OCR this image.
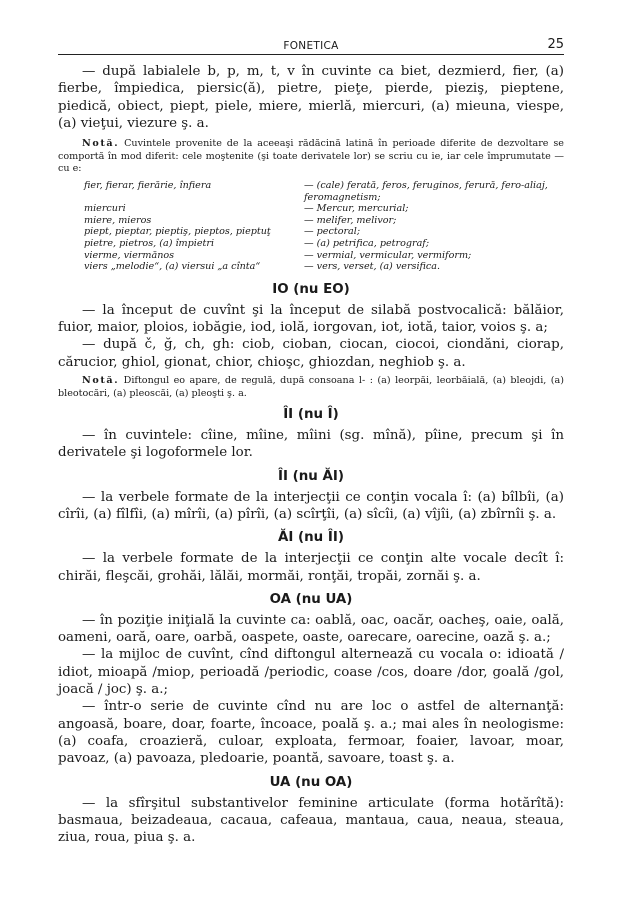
FONETICA	25

— după labialele b, p, m, t, v în cuvinte ca biet, dezmierd, fier, (a) fierbe, împiedica, piersic(ă), pietre, pieţe, pierde, pieziş, pieptene, piedică, obiect, piept, piele, miere, mierlă, miercuri, (a) mieuna, viespe, (a) vieţui, viezure ş. a.

Notă. Cuvintele provenite de la aceeaşi rădăcină latină în perioade diferite de dezvoltare se comportă în mod diferit: cele moştenite (şi toate derivatele lor) se scriu cu ie, iar cele împrumutate — cu e:

fier, fierar, fierărie, înfiera	— (cale) ferată, feros, feruginos, ferură, fero-aliaj, feromagnetism;
miercuri	— Mercur, mercurial;
miere, mieros	— melifer, melivor;
piept, pieptar, pieptiş, pieptos, pieptuţ	— pectoral;
pietre, pietros, (a) împietri	— (a) petrifica, petrograf;
vierme, viermănos	— vermial, vermicular, vermiform;
viers „melodie“, (a) viersui „a cînta“	— vers, verset, (a) versifica.
IO (nu EO)

— la început de cuvînt şi la început de silabă postvocalică: bălăior, fuior, maior, ploios, iobăgie, iod, iolă, iorgovan, iot, iotă, taior, voios ş. a;

— după č, ğ, ch, gh: ciob, cioban, ciocan, ciocoi, ciondăni, ciorap, cărucior, ghiol, gionat, chior, chioşc, ghiozdan, neghiob ş. a.

Notă. Diftongul eo apare, de regulă, după consoana l- : (a) leorpăi, leorbăială, (a) bleojdi, (a) bleotocări, (a) pleoscăi, (a) pleoşti ş. a.

ÎI (nu Î)

— în cuvintele: cîine, mîine, mîini (sg. mînă), pîine, precum şi în derivatele şi logoformele lor.

ÎI (nu ĂI)

— la verbele formate de la interjecţii ce conţin vocala î: (a) bîlbîi, (a) cîrîi, (a) fîlfîi, (a) mîrîi, (a) pîrîi, (a) scîrţîi, (a) sîcîi, (a) vîjîi, (a) zbîrnîi ş. a.

ĂI (nu ÎI)

— la verbele formate de la interjecţii ce conţin alte vocale decît î: chirăi, fleşcăi, grohăi, lălăi, mormăi, ronţăi, tropăi, zornăi ş. a.

OA (nu UA)

— în poziţie iniţială la cuvinte ca: oablă, oac, oacăr, oacheş, oaie, oală, oameni, oară, oare, oarbă, oaspete, oaste, oarecare, oarecine, oază ş. a.;

— la mijloc de cuvînt, cînd diftongul alternează cu vocala o: idioată / idiot, mioapă /miop, perioadă /periodic, coase /cos, doare /dor, goală /gol, joacă / joc) ş. a.;

— într-o serie de cuvinte cînd nu are loc o astfel de alternanţă: angoasă, boare, doar, foarte, încoace, poală ş. a.; mai ales în neologisme: (a) coafa, croazieră, culoar, exploata, fermoar, foaier, lavoar, moar, pavoaz, (a) pavoaza, pledoarie, poantă, savoare, toast ş. a.

UA (nu OA)

— la sfîrşitul substantivelor feminine articulate (forma hotărîtă): basmaua, beizadeaua, cacaua, cafeaua, mantaua, caua, neaua, steaua, ziua, roua, piua ş. a.
